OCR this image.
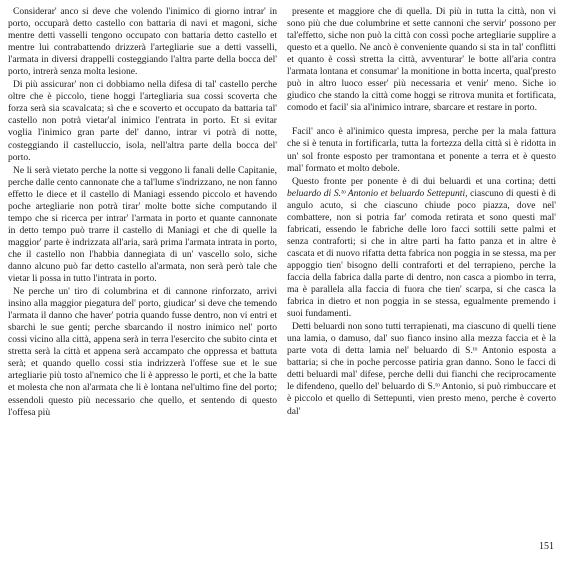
Considerar' anco si deve che volendo l'inimico di giorno intrar' in porto, occuparà detto castello con battaria di navi et magoni, siche mentre detti vasselli tengono occupato con battaria detto castello et mentre lui contrabattendo drizzerà l'artegliarie sue a detti vasselli, l'armata in diversi drappelli costeggiando l'altra parte della bocca del' porto, intrerà senza molta lesione.

Di più assicurar' non ci dobbiamo nella difesa di tal' castello perche oltre che è piccolo, tiene hoggi l'artegliaria sua cossi scoverta che forza serà sia scavalcata; sì che e scoverto et occupato da battaria tal' castello non potrà vietar'al inimico l'entrata in porto. Et si evitar voglia l'inimico gran parte del' danno, intrar vi potrà di notte, costeggiando il castelluccio, isola, nell'altra parte della bocca del' porto.

Ne li serà vietato perche la notte si veggono li fanali delle Capitanie, perche dalle cento cannonate che a tal'lume s'indrizzano, ne non fanno effetto le diece et il castello di Maniagi essendo piccolo et havendo poche artegliarie non potrà tirar' molte botte siche computando il tempo che si ricerca per intrar' l'armata in porto et quante cannonate in detto tempo può trarre il castello di Maniagi et che di quelle la maggior' parte è indrizzata all'aria, sarà prima l'armata intrata in porto, che il castello non l'habbia dannegiata di un' vascello solo, siche danno alcuno può far detto castello al'armata, non serà però tale che vietar li possa in tutto l'intrata in porto.

Ne perche un' tiro di columbrina et di cannone rinforzato, arrivi insino alla maggior piegatura del' porto, giudicar' si deve che temendo l'armata il danno che haver' potria quando fusse dentro, non vi entri et sbarchi le sue genti; perche sbarcando il nostro inimico nel' porto cossi vicino alla città, appena serà in terra l'esercito che subito cinta et stretta serà la città et appena serà accampato che oppressa et battuta serà; et quando quello cossi stia indrizzerà l'offese sue et le sue artegliarie più tosto al'nemico che li è appresso le porti, et che la batte et molesta che non al'armata che li è lontana nel'ultimo fine del porto; essendoli questo più necessario che quello, et sentendo di questo l'offesa più

presente et maggiore che di quella. Di più in tutta la città, non vi sono più che due columbrine et sette cannoni che servir' possono per tal'effetto, siche non può la città con cossì poche artegliarie supplire a questo et a quello. Ne ancò è conveniente quando si sta in tal' conflitti et quanto è cossì stretta la città, avventurar' le botte all'aria contra l'armata lontana et consumar' la monitione in botta incerta, qual'presto può in altro luoco esser' più necessaria et venir' meno. Siche io giudico che stando la città come hoggi se ritrova munita et fortificata, comodo et facil' sia al'inimico intrare, sbarcare et restare in porto.

Facil' anco è al'inimico questa impresa, perche per la mala fattura che si è tenuta in fortificarla, tutta la fortezza della città si è ridotta in un' sol fronte esposto per tramontana et ponente a terra et è questo mal' formato et molto debole.

Questo fronte per ponente è di dui beluardi et una cortina; detti beluardo di S.ᵗᵒ Antonio et beluardo Settepunti, ciascuno di questi è di angulo acuto, si che ciascuno chiude poco piazza, dove nel' combattere, non si potria far' comoda retirata et sono questi mal' fabricati, essendo le fabriche delle loro facci sottili sette palmi et senza contraforti; si che in altre parti ha fatto panza et in altre è cascata et di nuovo rifatta detta fabrica non poggia in se stessa, ma per appoggio tien' bisogno delli contraforti et del terrapieno, perche la faccia della fabrica dalla parte di dentro, non casca a piombo in terra, ma è parallela alla faccia di fuora che tien' scarpa, si che casca la fabrica in dietro et non poggia in se stessa, egualmente premendo i suoi fundamenti.

Detti beluardi non sono tutti terrapienati, ma ciascuno di quelli tiene una lamia, o damuso, dal' suo fianco insino alla mezza faccia et è la parte vota di detta lamia nel' beluardo di S.ᵗᵒ Antonio esposta a battaria; si che in poche percosse patiria gran danno. Sono le facci di detti beluardi mal' difese, perche delli dui fianchi che reciprocamente le difendeno, quello del' beluardo di S.ᵗᵒ Antonio, si può rimbuccare et è piccolo et quello di Settepunti, vien presto meno, perche è coverto dal'

151
